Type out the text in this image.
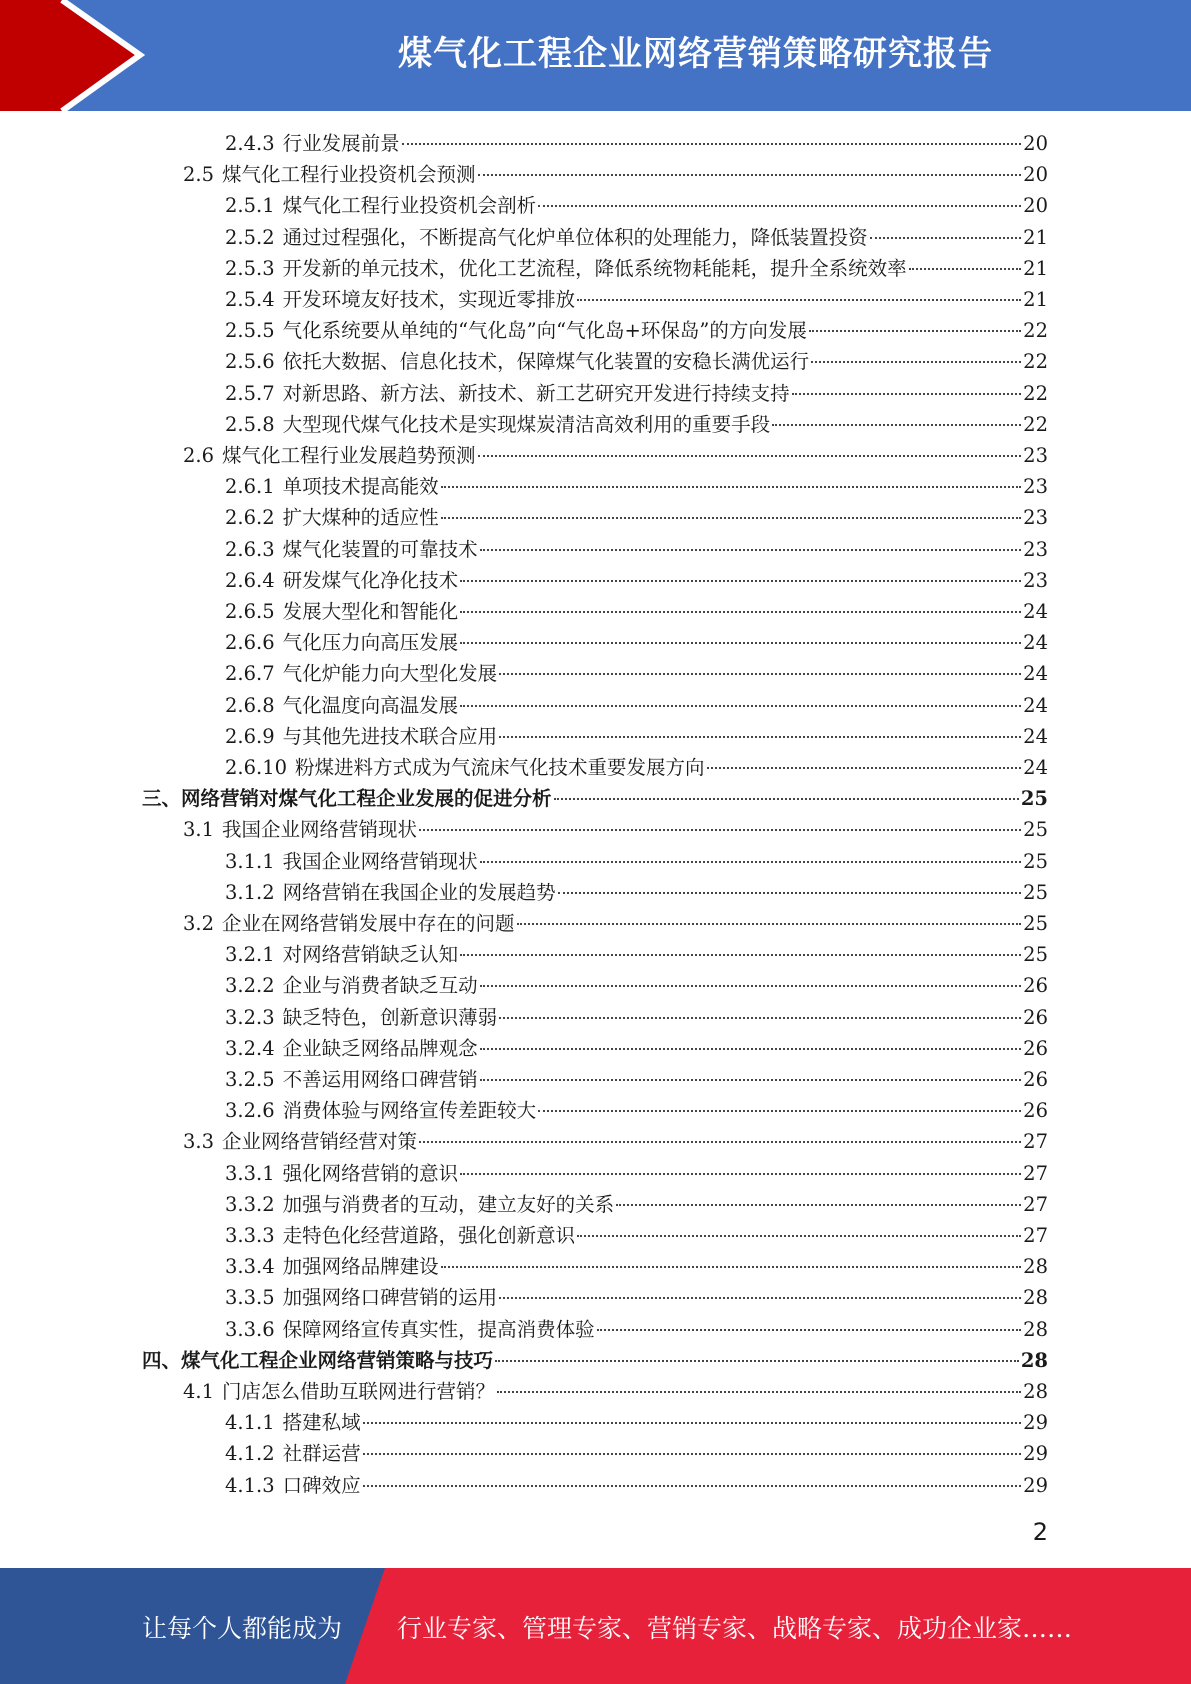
煤气化工程企业网络营销策略研究报告
2.4.3 行业发展前景	20
2.5 煤气化工程行业投资机会预测	20
2.5.1 煤气化工程行业投资机会剖析	20
2.5.2 通过过程强化，不断提高气化炉单位体积的处理能力，降低装置投资	21
2.5.3 开发新的单元技术，优化工艺流程，降低系统物耗能耗，提升全系统效率	21
2.5.4 开发环境友好技术，实现近零排放	21
2.5.5 气化系统要从单纯的“气化岛”向“气化岛+环保岛”的方向发展	22
2.5.6 依托大数据、信息化技术，保障煤气化装置的安稳长满优运行	22
2.5.7 对新思路、新方法、新技术、新工艺研究开发进行持续支持	22
2.5.8 大型现代煤气化技术是实现煤炭清洁高效利用的重要手段	22
2.6 煤气化工程行业发展趋势预测	23
2.6.1 单项技术提高能效	23
2.6.2 扩大煤种的适应性	23
2.6.3 煤气化装置的可靠技术	23
2.6.4 研发煤气化净化技术	23
2.6.5 发展大型化和智能化	24
2.6.6 气化压力向高压发展	24
2.6.7 气化炉能力向大型化发展	24
2.6.8 气化温度向高温发展	24
2.6.9 与其他先进技术联合应用	24
2.6.10 粉煤进料方式成为气流床气化技术重要发展方向	24
三、网络营销对煤气化工程企业发展的促进分析	25
3.1 我国企业网络营销现状	25
3.1.1 我国企业网络营销现状	25
3.1.2 网络营销在我国企业的发展趋势	25
3.2 企业在网络营销发展中存在的问题	25
3.2.1 对网络营销缺乏认知	25
3.2.2 企业与消费者缺乏互动	26
3.2.3 缺乏特色，创新意识薄弱	26
3.2.4 企业缺乏网络品牌观念	26
3.2.5 不善运用网络口碑营销	26
3.2.6 消费体验与网络宣传差距较大	26
3.3 企业网络营销经营对策	27
3.3.1 强化网络营销的意识	27
3.3.2 加强与消费者的互动，建立友好的关系	27
3.3.3 走特色化经营道路，强化创新意识	27
3.3.4 加强网络品牌建设	28
3.3.5 加强网络口碑营销的运用	28
3.3.6 保障网络宣传真实性，提高消费体验	28
四、煤气化工程企业网络营销策略与技巧	28
4.1 门店怎么借助互联网进行营销？	28
4.1.1 搭建私域	29
4.1.2 社群运营	29
4.1.3 口碑效应	29
2
让每个人都能成为 行业专家、管理专家、营销专家、战略专家、成功企业家……
